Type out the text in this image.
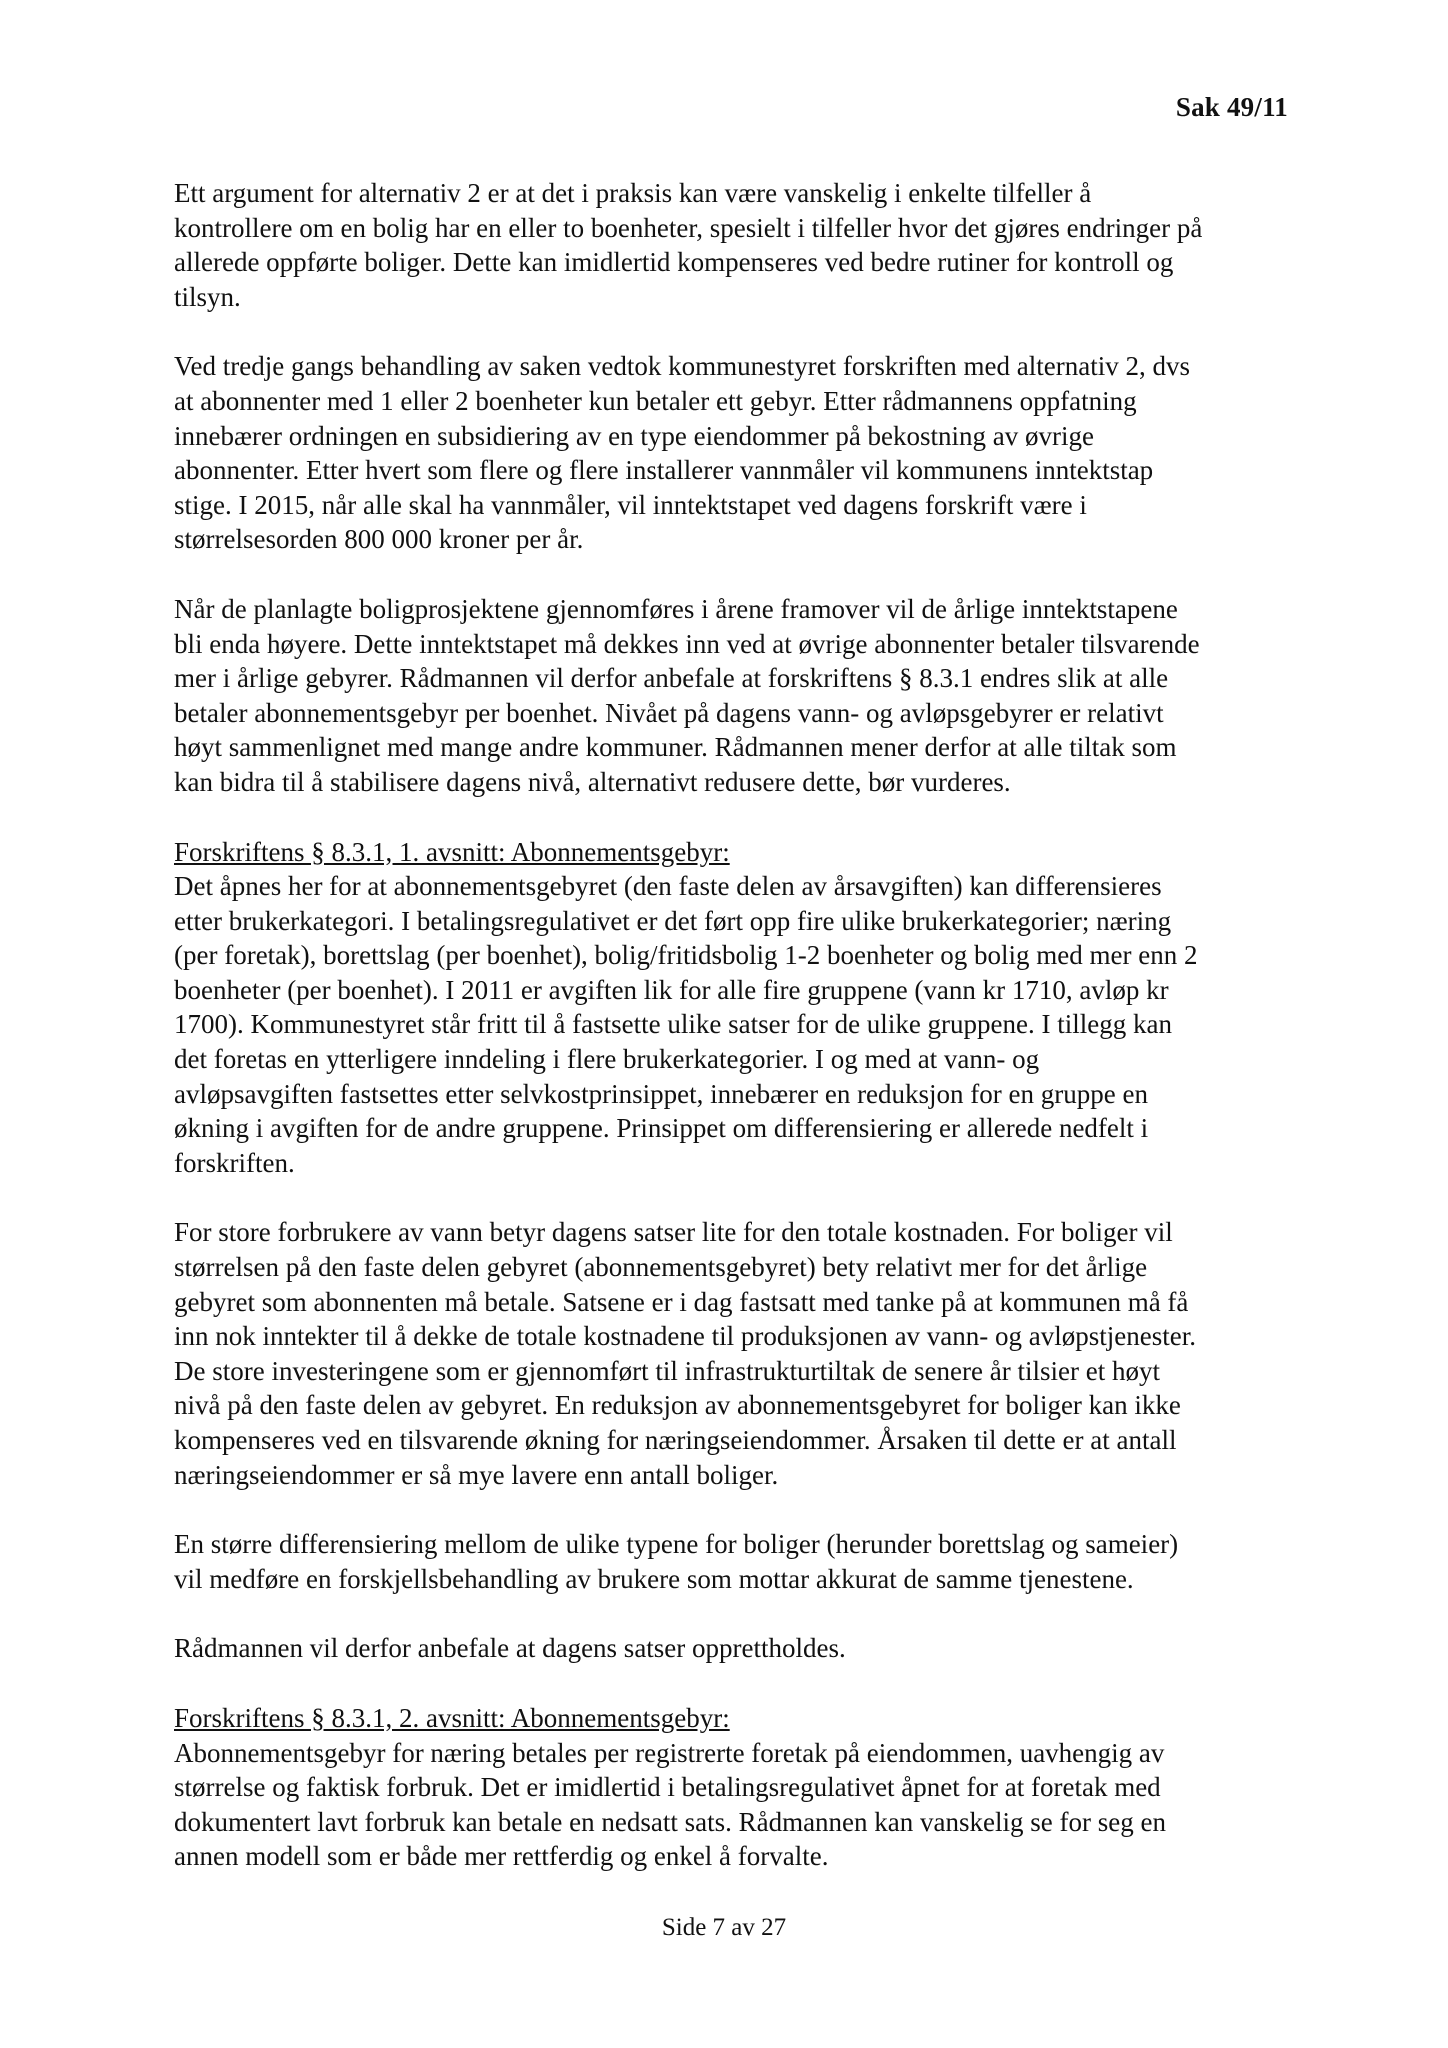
Sak 49/11
Ett argument for alternativ 2 er at det i praksis kan være vanskelig i enkelte tilfeller å
kontrollere om en bolig har en eller to boenheter, spesielt i tilfeller hvor det gjøres endringer på
allerede oppførte boliger. Dette kan imidlertid kompenseres ved bedre rutiner for kontroll og
tilsyn.
Ved tredje gangs behandling av saken vedtok kommunestyret forskriften med alternativ 2, dvs
at abonnenter med 1 eller 2 boenheter kun betaler ett gebyr. Etter rådmannens oppfatning
innebærer ordningen en subsidiering av en type eiendommer på bekostning av øvrige
abonnenter. Etter hvert som flere og flere installerer vannmåler vil kommunens inntektstap
stige. I 2015, når alle skal ha vannmåler, vil inntektstapet ved dagens forskrift være i
størrelsesorden 800 000 kroner per år.
Når de planlagte boligprosjektene gjennomføres i årene framover vil de årlige inntektstapene
bli enda høyere. Dette inntektstapet må dekkes inn ved at øvrige abonnenter betaler tilsvarende
mer i årlige gebyrer. Rådmannen vil derfor anbefale at forskriftens § 8.3.1 endres slik at alle
betaler abonnementsgebyr per boenhet. Nivået på dagens vann- og avløpsgebyrer er relativt
høyt sammenlignet med mange andre kommuner. Rådmannen mener derfor at alle tiltak som
kan bidra til å stabilisere dagens nivå, alternativt redusere dette, bør vurderes.
Forskriftens § 8.3.1, 1. avsnitt: Abonnementsgebyr:
Det åpnes her for at abonnementsgebyret (den faste delen av årsavgiften) kan differensieres
etter brukerkategori. I betalingsregulativet er det ført opp fire ulike brukerkategorier; næring
(per foretak), borettslag (per boenhet), bolig/fritidsbolig 1-2 boenheter og bolig med mer enn 2
boenheter (per boenhet). I 2011 er avgiften lik for alle fire gruppene (vann kr 1710, avløp kr
1700). Kommunestyret står fritt til å fastsette ulike satser for de ulike gruppene. I tillegg kan
det foretas en ytterligere inndeling i flere brukerkategorier. I og med at vann- og
avløpsavgiften fastsettes etter selvkostprinsippet, innebærer en reduksjon for en gruppe en
økning i avgiften for de andre gruppene. Prinsippet om differensiering er allerede nedfelt i
forskriften.
For store forbrukere av vann betyr dagens satser lite for den totale kostnaden. For boliger vil
størrelsen på den faste delen gebyret (abonnementsgebyret) bety relativt mer for det årlige
gebyret som abonnenten må betale. Satsene er i dag fastsatt med tanke på at kommunen må få
inn nok inntekter til å dekke de totale kostnadene til produksjonen av vann- og avløpstjenester.
De store investeringene som er gjennomført til infrastrukturtiltak de senere år tilsier et høyt
nivå på den faste delen av gebyret. En reduksjon av abonnementsgebyret for boliger kan ikke
kompenseres ved en tilsvarende økning for næringseiendommer. Årsaken til dette er at antall
næringseiendommer er så mye lavere enn antall boliger.
En større differensiering mellom de ulike typene for boliger (herunder borettslag og sameier)
vil medføre en forskjellsbehandling av brukere som mottar akkurat de samme tjenestene.
Rådmannen vil derfor anbefale at dagens satser opprettholdes.
Forskriftens § 8.3.1, 2. avsnitt: Abonnementsgebyr:
Abonnementsgebyr for næring betales per registrerte foretak på eiendommen, uavhengig av
størrelse og faktisk forbruk. Det er imidlertid i betalingsregulativet åpnet for at foretak med
dokumentert lavt forbruk kan betale en nedsatt sats. Rådmannen kan vanskelig se for seg en
annen modell som er både mer rettferdig og enkel å forvalte.
Side 7 av 27
